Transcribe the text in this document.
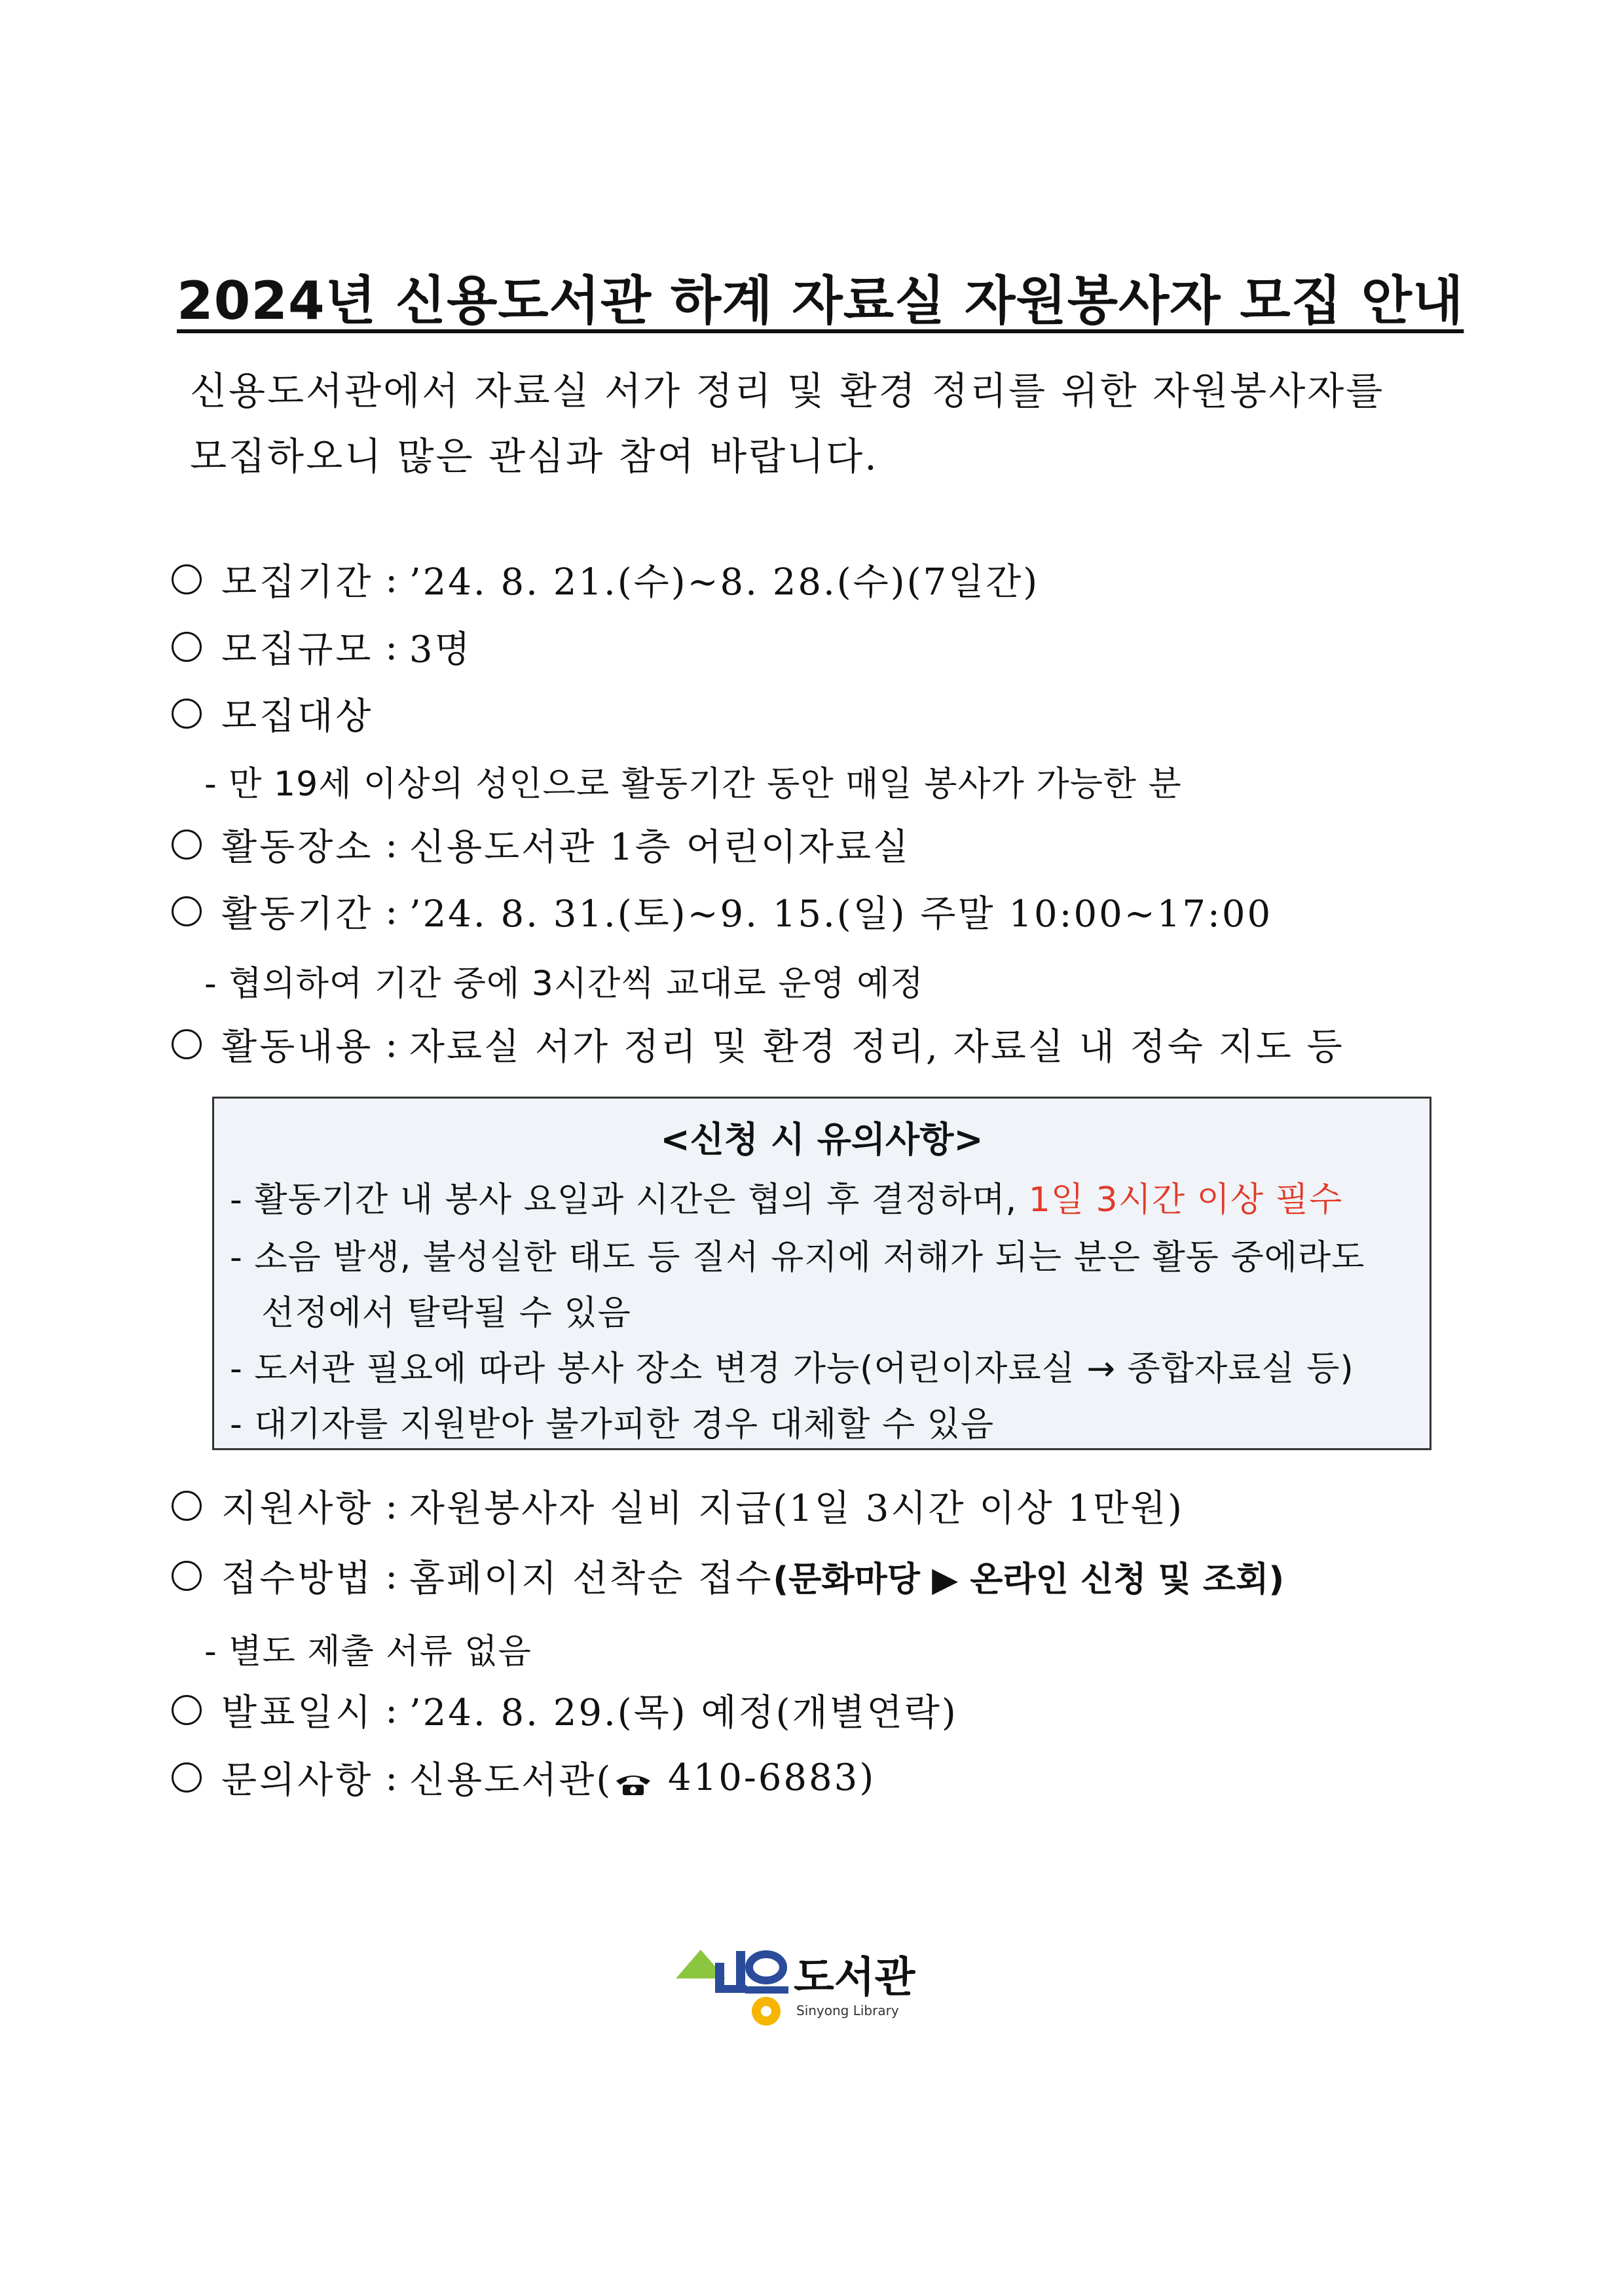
2024년 신용도서관 하계 자료실 자원봉사자 모집 안내
신용도서관에서 자료실 서가 정리 및 환경 정리를 위한 자원봉사자를
모집하오니 많은 관심과 참여 바랍니다.
모집기간 : ’24. 8. 21.(수)~8. 28.(수)(7일간)
모집규모 : 3명
모집대상
- 만 19세 이상의 성인으로 활동기간 동안 매일 봉사가 가능한 분
활동장소 : 신용도서관 1층 어린이자료실
활동기간 : ’24. 8. 31.(토)~9. 15.(일) 주말 10:00~17:00
- 협의하여 기간 중에 3시간씩 교대로 운영 예정
활동내용 : 자료실 서가 정리 및 환경 정리, 자료실 내 정숙 지도 등
<신청 시 유의사항>
- 활동기간 내 봉사 요일과 시간은 협의 후 결정하며, 1일 3시간 이상 필수
- 소음 발생, 불성실한 태도 등 질서 유지에 저해가 되는 분은 활동 중에라도
선정에서 탈락될 수 있음
- 도서관 필요에 따라 봉사 장소 변경 가능(어린이자료실 → 종합자료실 등)
- 대기자를 지원받아 불가피한 경우 대체할 수 있음
지원사항 : 자원봉사자 실비 지급(1일 3시간 이상 1만원)
접수방법 : 홈페이지 선착순 접수 (문화마당 ▶ 온라인 신청 및 조회)
- 별도 제출 서류 없음
발표일시 : ’24. 8. 29.(목) 예정(개별연락)
문의사항 : 신용도서관( 410-6883)
도서관
Sinyong Library
